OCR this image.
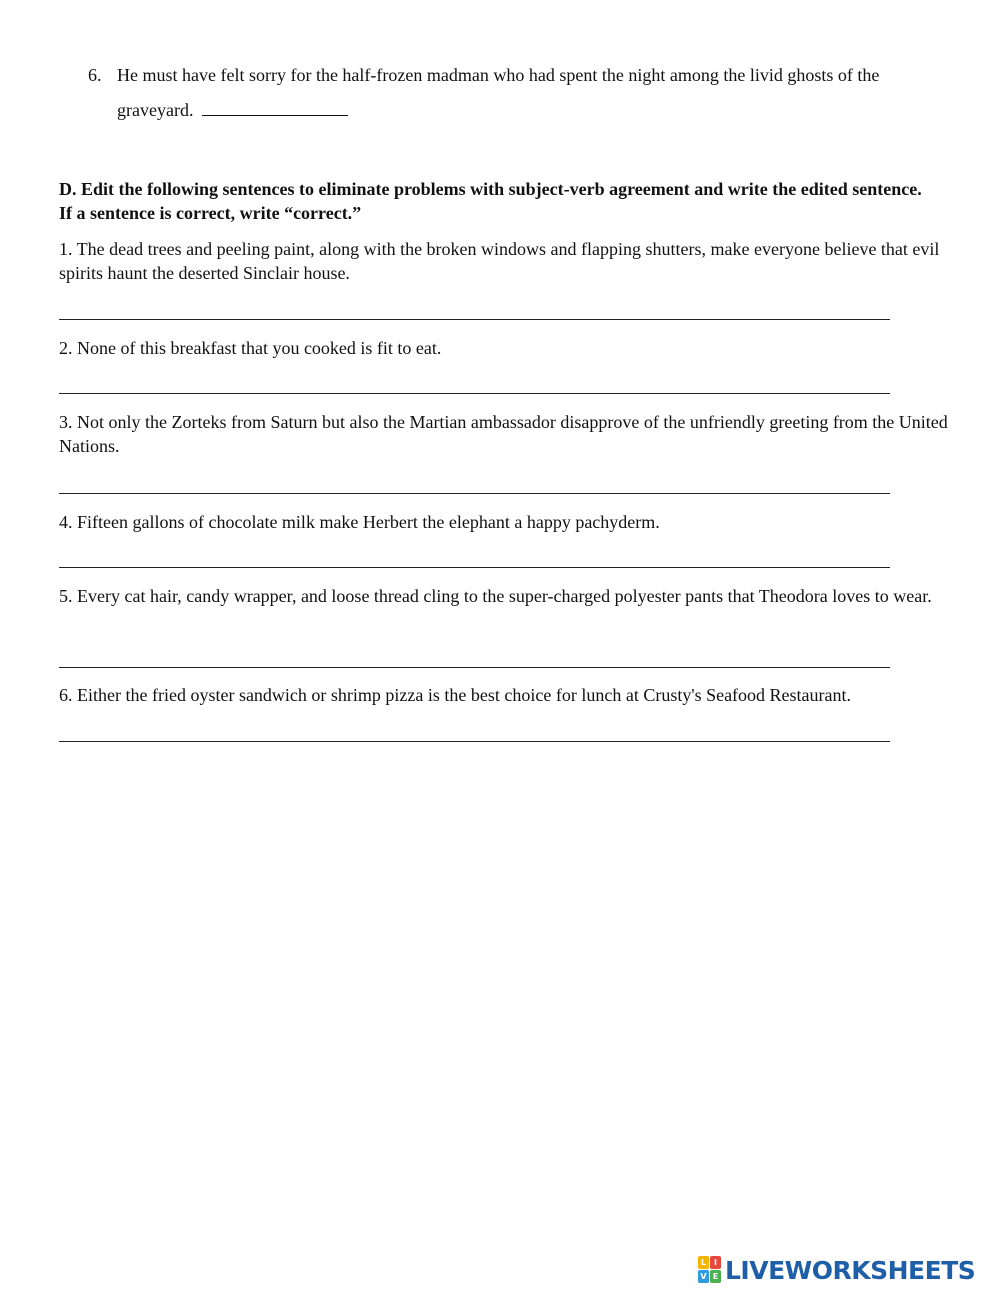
6. He must have felt sorry for the half-frozen madman who had spent the night among the livid ghosts of the graveyard.
D. Edit the following sentences to eliminate problems with subject-verb agreement and write the edited sentence. If a sentence is correct, write “correct.”
1. The dead trees and peeling paint, along with the broken windows and flapping shutters, make everyone believe that evil spirits haunt the deserted Sinclair house.
2. None of this breakfast that you cooked is fit to eat.
3. Not only the Zorteks from Saturn but also the Martian ambassador disapprove of the unfriendly greeting from the United Nations.
4. Fifteen gallons of chocolate milk make Herbert the elephant a happy pachyderm.
5. Every cat hair, candy wrapper, and loose thread cling to the super-charged polyester pants that Theodora loves to wear.
6. Either the fried oyster sandwich or shrimp pizza is the best choice for lunch at Crusty's Seafood Restaurant.
L I
V E LIVEWORKSHEETS
